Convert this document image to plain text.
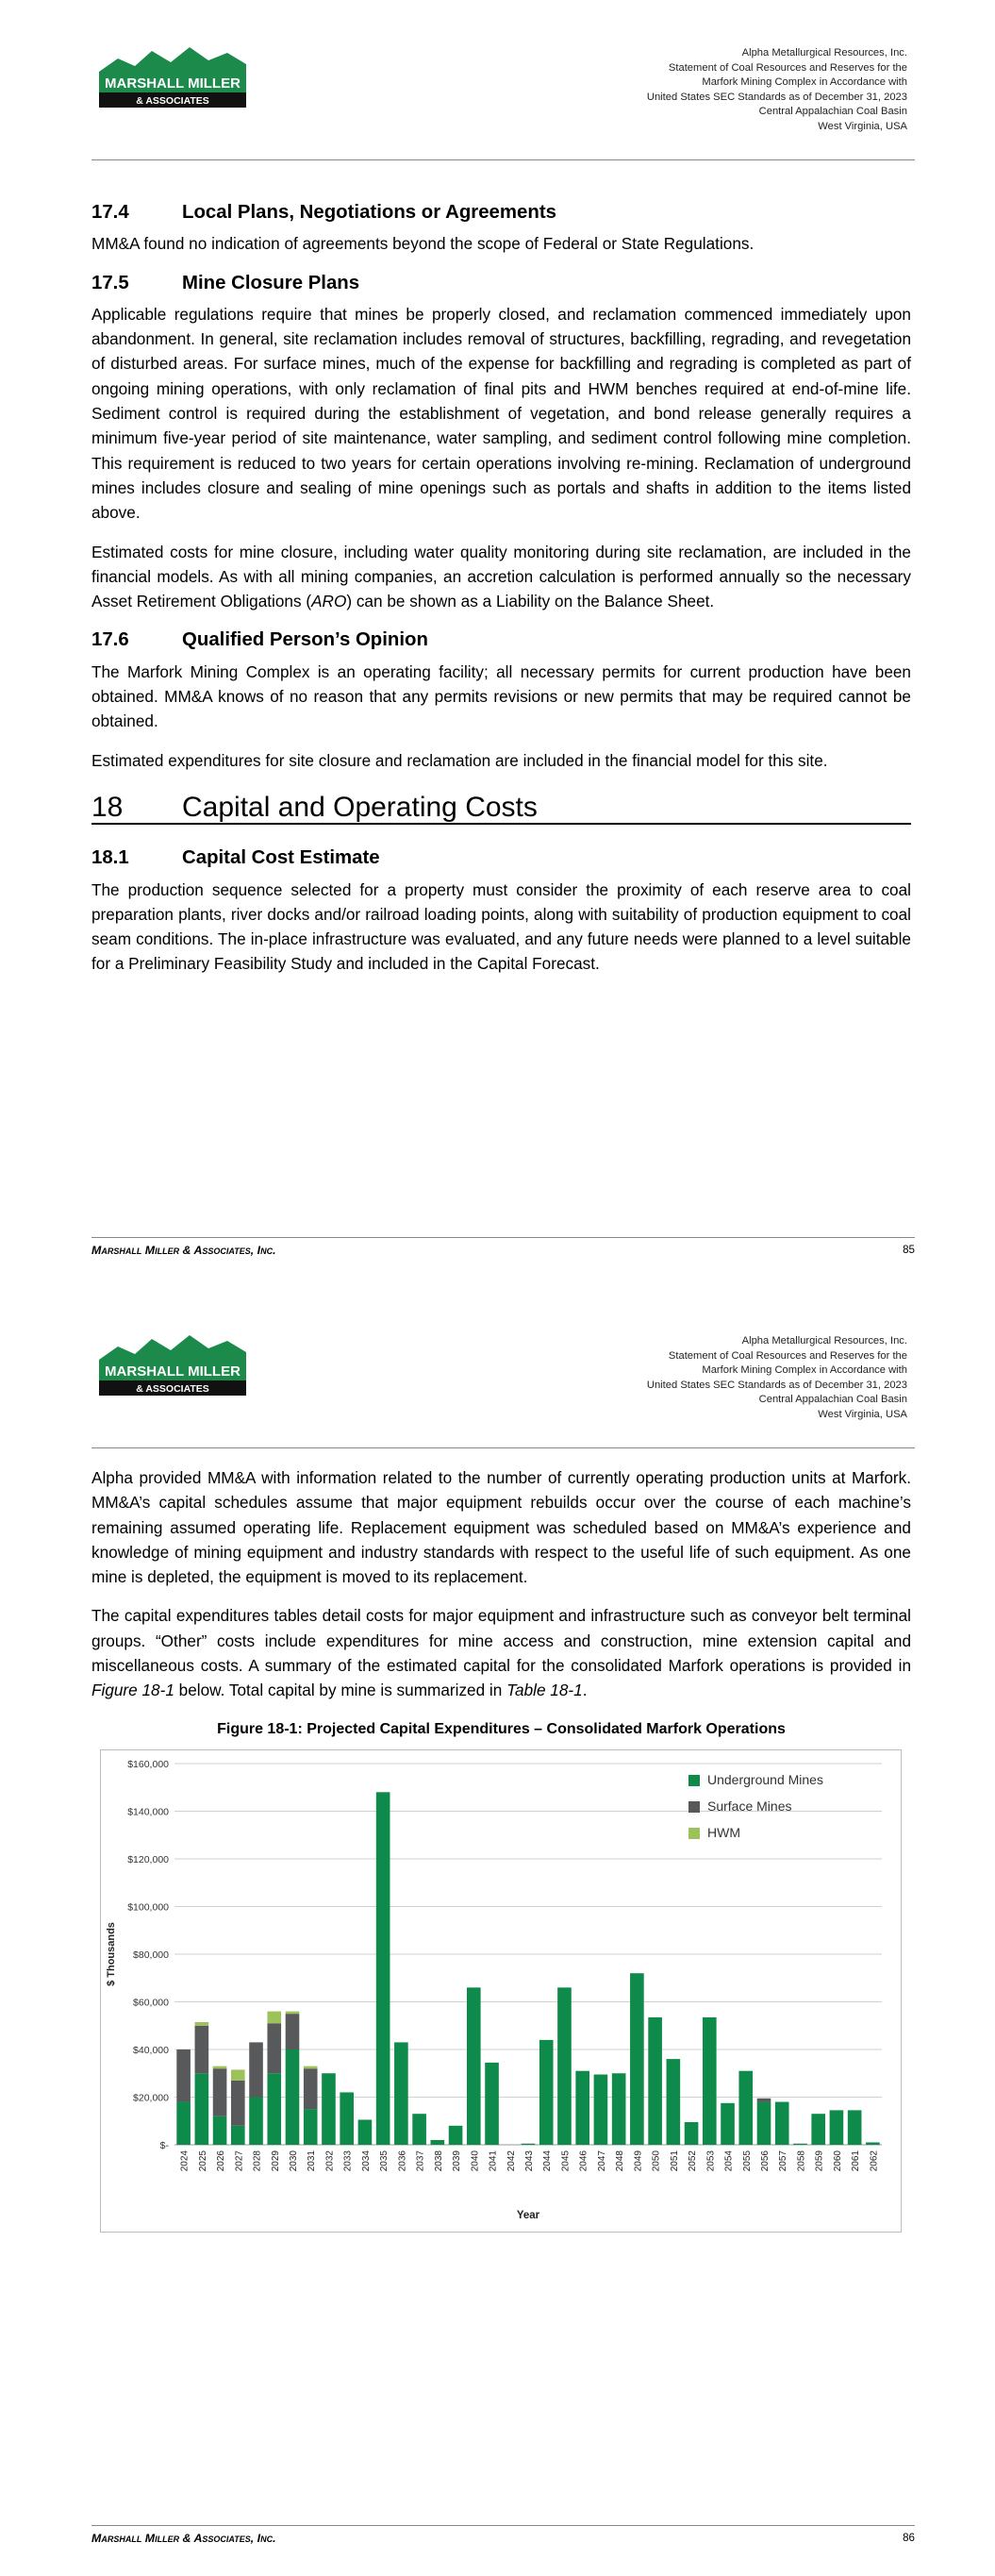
MARSHALL MILLER
& ASSOCIATES
Alpha Metallurgical Resources, Inc.
Statement of Coal Resources and Reserves for the
Marfork Mining Complex in Accordance with
United States SEC Standards as of December 31, 2023
Central Appalachian Coal Basin
West Virginia, USA
17.4	Local Plans, Negotiations or Agreements

MM&A found no indication of agreements beyond the scope of Federal or State Regulations.

17.5	Mine Closure Plans

Applicable regulations require that mines be properly closed, and reclamation commenced immediately upon abandonment. In general, site reclamation includes removal of structures, backfilling, regrading, and revegetation of disturbed areas. For surface mines, much of the expense for backfilling and regrading is completed as part of ongoing mining operations, with only reclamation of final pits and HWM benches required at end-of-mine life. Sediment control is required during the establishment of vegetation, and bond release generally requires a minimum five-year period of site maintenance, water sampling, and sediment control following mine completion. This requirement is reduced to two years for certain operations involving re-mining. Reclamation of underground mines includes closure and sealing of mine openings such as portals and shafts in addition to the items listed above.

Estimated costs for mine closure, including water quality monitoring during site reclamation, are included in the financial models. As with all mining companies, an accretion calculation is performed annually so the necessary Asset Retirement Obligations (ARO) can be shown as a Liability on the Balance Sheet.

17.6	Qualified Person’s Opinion

The Marfork Mining Complex is an operating facility; all necessary permits for current production have been obtained. MM&A knows of no reason that any permits revisions or new permits that may be required cannot be obtained.

Estimated expenditures for site closure and reclamation are included in the financial model for this site.

18	Capital and Operating Costs
18.1	Capital Cost Estimate

The production sequence selected for a property must consider the proximity of each reserve area to coal preparation plants, river docks and/or railroad loading points, along with suitability of production equipment to coal seam conditions. The in-place infrastructure was evaluated, and any future needs were planned to a level suitable for a Preliminary Feasibility Study and included in the Capital Forecast.

Marshall Miller & Associates, Inc.	85
MARSHALL MILLER
& ASSOCIATES
Alpha Metallurgical Resources, Inc.
Statement of Coal Resources and Reserves for the
Marfork Mining Complex in Accordance with
United States SEC Standards as of December 31, 2023
Central Appalachian Coal Basin
West Virginia, USA

Alpha provided MM&A with information related to the number of currently operating production units at Marfork. MM&A’s capital schedules assume that major equipment rebuilds occur over the course of each machine’s remaining assumed operating life. Replacement equipment was scheduled based on MM&A’s experience and knowledge of mining equipment and industry standards with respect to the useful life of such equipment. As one mine is depleted, the equipment is moved to its replacement.

The capital expenditures tables detail costs for major equipment and infrastructure such as conveyor belt terminal groups. “Other” costs include expenditures for mine access and construction, mine extension capital and miscellaneous costs. A summary of the estimated capital for the consolidated Marfork operations is provided in Figure 18-1 below. Total capital by mine is summarized in Table 18-1.

Figure 18-1: Projected Capital Expenditures – Consolidated Marfork Operations
$-
$20,000
$40,000
$60,000
$80,000
$100,000
$120,000
$140,000
$160,000
$ Thousands
2024 2025 2026 2027 2028 2029 2030 2031 2032 2033 2034 2035 2036 2037 2038 2039 2040 2041 2042 2043 2044 2045 2046 2047 2048 2049 2050 2051 2052 2053 2054 2055 2056 2057 2058 2059 2060 2061 2062
Year
Underground Mines
Surface Mines
HWM
Marshall Miller & Associates, Inc.	86
